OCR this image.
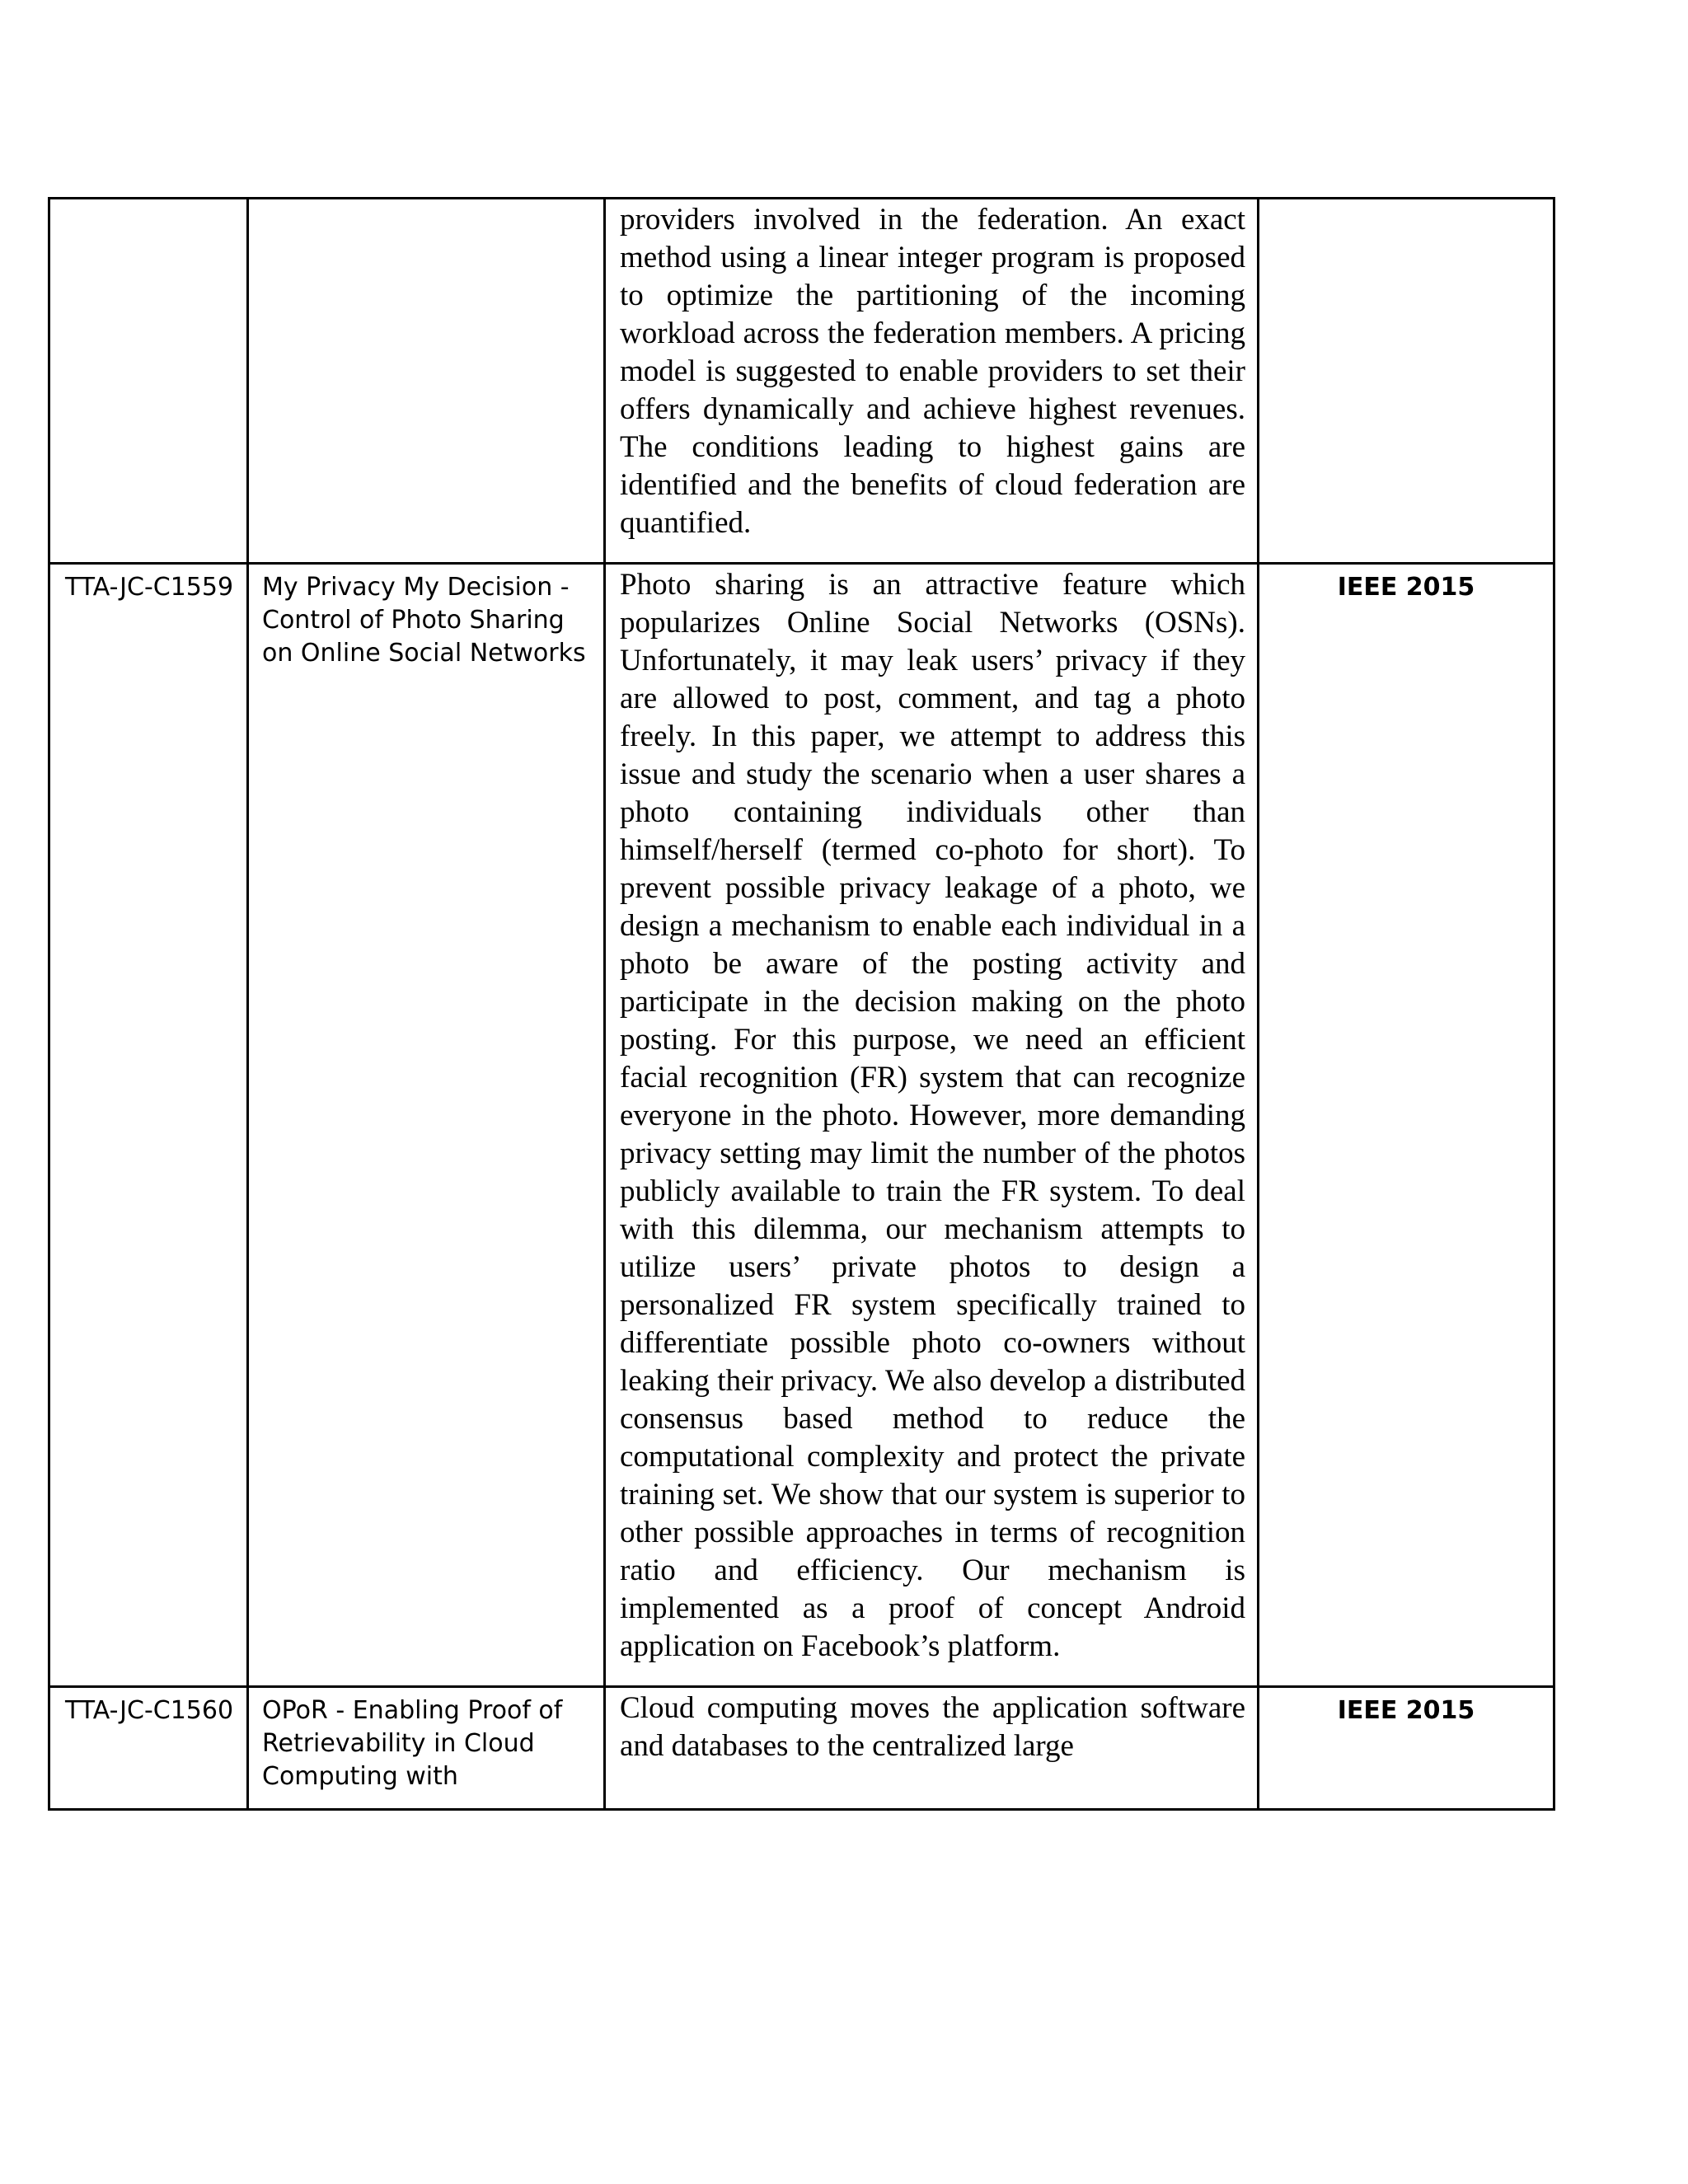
		providers involved in the federation. An exact method using a linear integer program is proposed to optimize the partitioning of the incoming workload across the federation members. A pricing model is suggested to enable providers to set their offers dynamically and achieve highest revenues. The conditions leading to highest gains are identified and the benefits of cloud federation are quantified.	
TTA-JC-C1559	My Privacy My Decision - Control of Photo Sharing on Online Social Networks	Photo sharing is an attractive feature which popularizes Online Social Networks (OSNs). Unfortunately, it may leak users’ privacy if they are allowed to post, comment, and tag a photo freely. In this paper, we attempt to address this issue and study the scenario when a user shares a photo containing individuals other than himself/herself (termed co-photo for short). To prevent possible privacy leakage of a photo, we design a mechanism to enable each individual in a photo be aware of the posting activity and participate in the decision making on the photo posting. For this purpose, we need an efficient facial recognition (FR) system that can recognize everyone in the photo. However, more demanding privacy setting may limit the number of the photos publicly available to train the FR system. To deal with this dilemma, our mechanism attempts to utilize users’ private photos to design a personalized FR system specifically trained to differentiate possible photo co-owners without leaking their privacy. We also develop a distributed consensus based method to reduce the computational complexity and protect the private training set. We show that our system is superior to other possible approaches in terms of recognition ratio and efficiency. Our mechanism is implemented as a proof of concept Android application on Facebook’s platform.	IEEE 2015
TTA-JC-C1560	OPoR - Enabling Proof of Retrievability in Cloud Computing with	Cloud computing moves the application software and databases to the centralized large	IEEE 2015
